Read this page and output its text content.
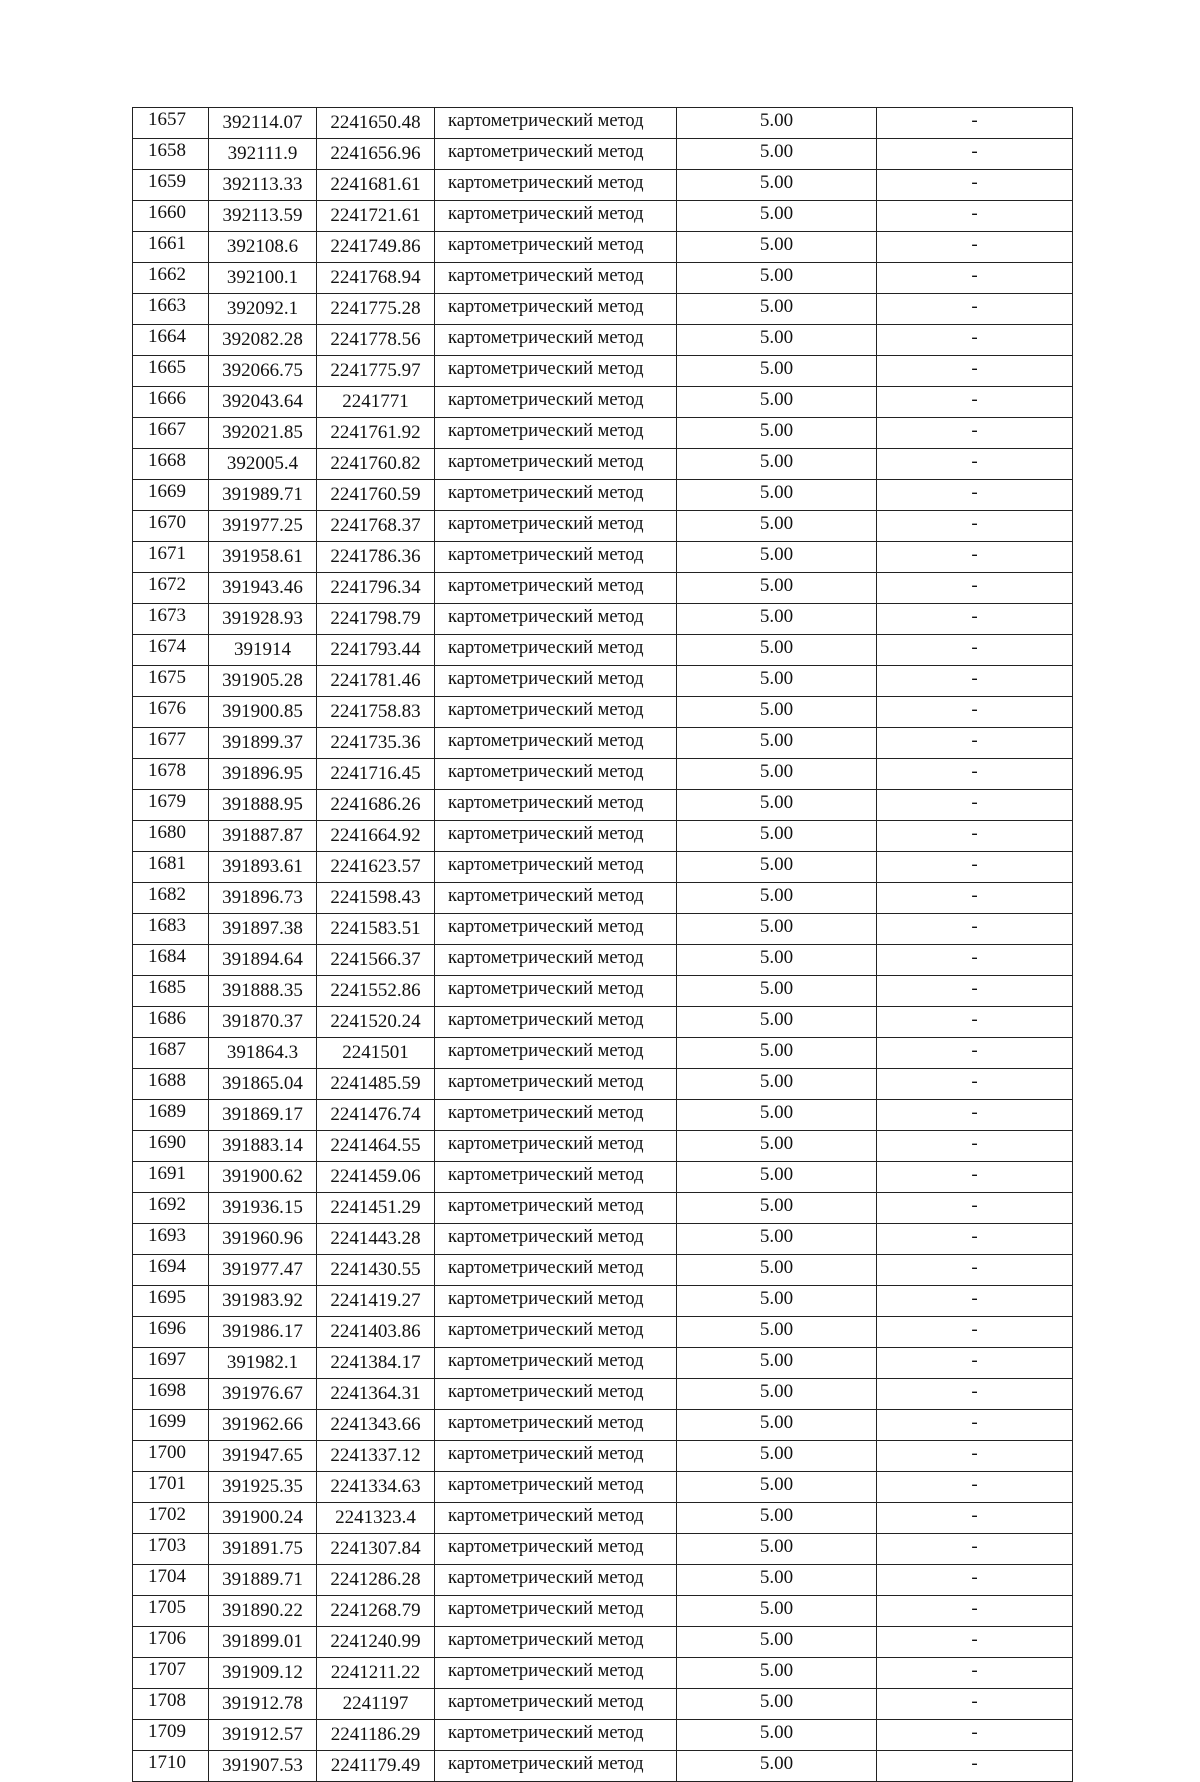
1657	392114.07	2241650.48	картометрический метод	5.00	-
1658	392111.9	2241656.96	картометрический метод	5.00	-
1659	392113.33	2241681.61	картометрический метод	5.00	-
1660	392113.59	2241721.61	картометрический метод	5.00	-
1661	392108.6	2241749.86	картометрический метод	5.00	-
1662	392100.1	2241768.94	картометрический метод	5.00	-
1663	392092.1	2241775.28	картометрический метод	5.00	-
1664	392082.28	2241778.56	картометрический метод	5.00	-
1665	392066.75	2241775.97	картометрический метод	5.00	-
1666	392043.64	2241771	картометрический метод	5.00	-
1667	392021.85	2241761.92	картометрический метод	5.00	-
1668	392005.4	2241760.82	картометрический метод	5.00	-
1669	391989.71	2241760.59	картометрический метод	5.00	-
1670	391977.25	2241768.37	картометрический метод	5.00	-
1671	391958.61	2241786.36	картометрический метод	5.00	-
1672	391943.46	2241796.34	картометрический метод	5.00	-
1673	391928.93	2241798.79	картометрический метод	5.00	-
1674	391914	2241793.44	картометрический метод	5.00	-
1675	391905.28	2241781.46	картометрический метод	5.00	-
1676	391900.85	2241758.83	картометрический метод	5.00	-
1677	391899.37	2241735.36	картометрический метод	5.00	-
1678	391896.95	2241716.45	картометрический метод	5.00	-
1679	391888.95	2241686.26	картометрический метод	5.00	-
1680	391887.87	2241664.92	картометрический метод	5.00	-
1681	391893.61	2241623.57	картометрический метод	5.00	-
1682	391896.73	2241598.43	картометрический метод	5.00	-
1683	391897.38	2241583.51	картометрический метод	5.00	-
1684	391894.64	2241566.37	картометрический метод	5.00	-
1685	391888.35	2241552.86	картометрический метод	5.00	-
1686	391870.37	2241520.24	картометрический метод	5.00	-
1687	391864.3	2241501	картометрический метод	5.00	-
1688	391865.04	2241485.59	картометрический метод	5.00	-
1689	391869.17	2241476.74	картометрический метод	5.00	-
1690	391883.14	2241464.55	картометрический метод	5.00	-
1691	391900.62	2241459.06	картометрический метод	5.00	-
1692	391936.15	2241451.29	картометрический метод	5.00	-
1693	391960.96	2241443.28	картометрический метод	5.00	-
1694	391977.47	2241430.55	картометрический метод	5.00	-
1695	391983.92	2241419.27	картометрический метод	5.00	-
1696	391986.17	2241403.86	картометрический метод	5.00	-
1697	391982.1	2241384.17	картометрический метод	5.00	-
1698	391976.67	2241364.31	картометрический метод	5.00	-
1699	391962.66	2241343.66	картометрический метод	5.00	-
1700	391947.65	2241337.12	картометрический метод	5.00	-
1701	391925.35	2241334.63	картометрический метод	5.00	-
1702	391900.24	2241323.4	картометрический метод	5.00	-
1703	391891.75	2241307.84	картометрический метод	5.00	-
1704	391889.71	2241286.28	картометрический метод	5.00	-
1705	391890.22	2241268.79	картометрический метод	5.00	-
1706	391899.01	2241240.99	картометрический метод	5.00	-
1707	391909.12	2241211.22	картометрический метод	5.00	-
1708	391912.78	2241197	картометрический метод	5.00	-
1709	391912.57	2241186.29	картометрический метод	5.00	-
1710	391907.53	2241179.49	картометрический метод	5.00	-
